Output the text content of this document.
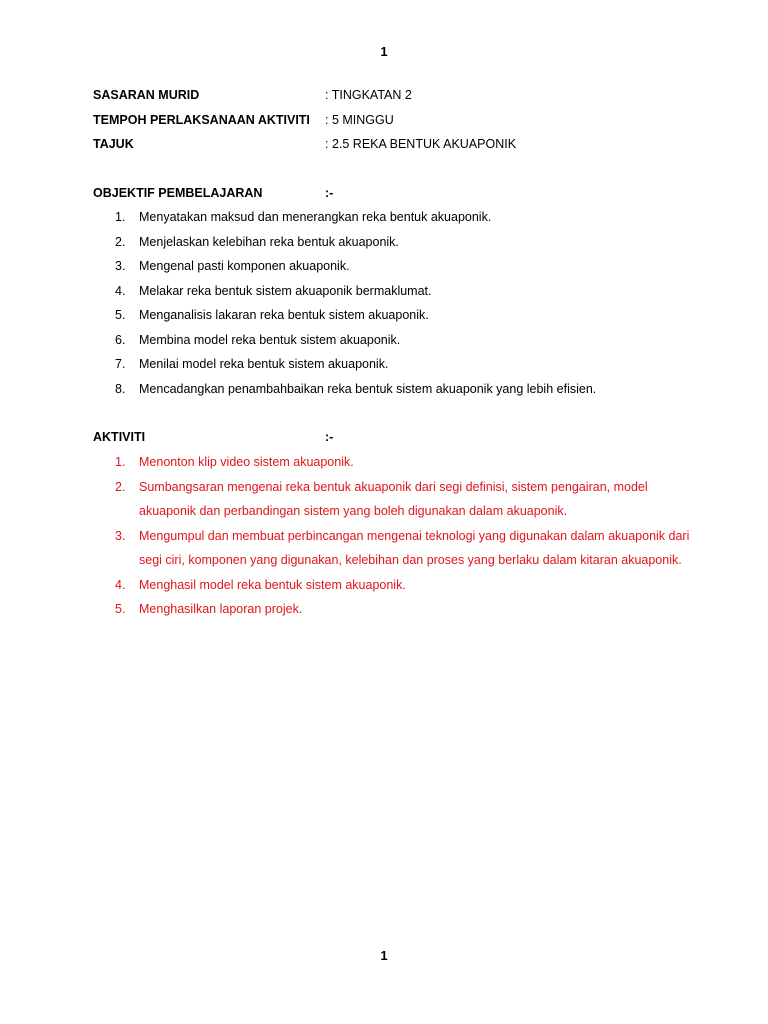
1
SASARAN MURID	: TINGKATAN 2
TEMPOH PERLAKSANAAN AKTIVITI : 5 MINGGU
TAJUK	: 2.5 REKA BENTUK AKUAPONIK
OBJEKTIF PEMBELAJARAN	:-
1. Menyatakan maksud dan menerangkan reka bentuk akuaponik.
2. Menjelaskan kelebihan reka bentuk akuaponik.
3. Mengenal pasti komponen akuaponik.
4. Melakar reka bentuk sistem akuaponik bermaklumat.
5. Menganalisis lakaran reka bentuk sistem akuaponik.
6. Membina model reka bentuk sistem akuaponik.
7. Menilai model reka bentuk sistem akuaponik.
8. Mencadangkan penambahbaikan reka bentuk sistem akuaponik yang lebih efisien.
AKTIVITI	:-
1. Menonton klip video sistem akuaponik.
2. Sumbangsaran mengenai reka bentuk akuaponik dari segi definisi, sistem pengairan, model akuaponik dan perbandingan sistem yang boleh digunakan dalam akuaponik.
3. Mengumpul dan membuat perbincangan mengenai teknologi yang digunakan dalam akuaponik dari segi ciri, komponen yang digunakan, kelebihan dan proses yang berlaku dalam kitaran akuaponik.
4. Menghasil model reka bentuk sistem akuaponik.
5. Menghasilkan laporan projek.
1
